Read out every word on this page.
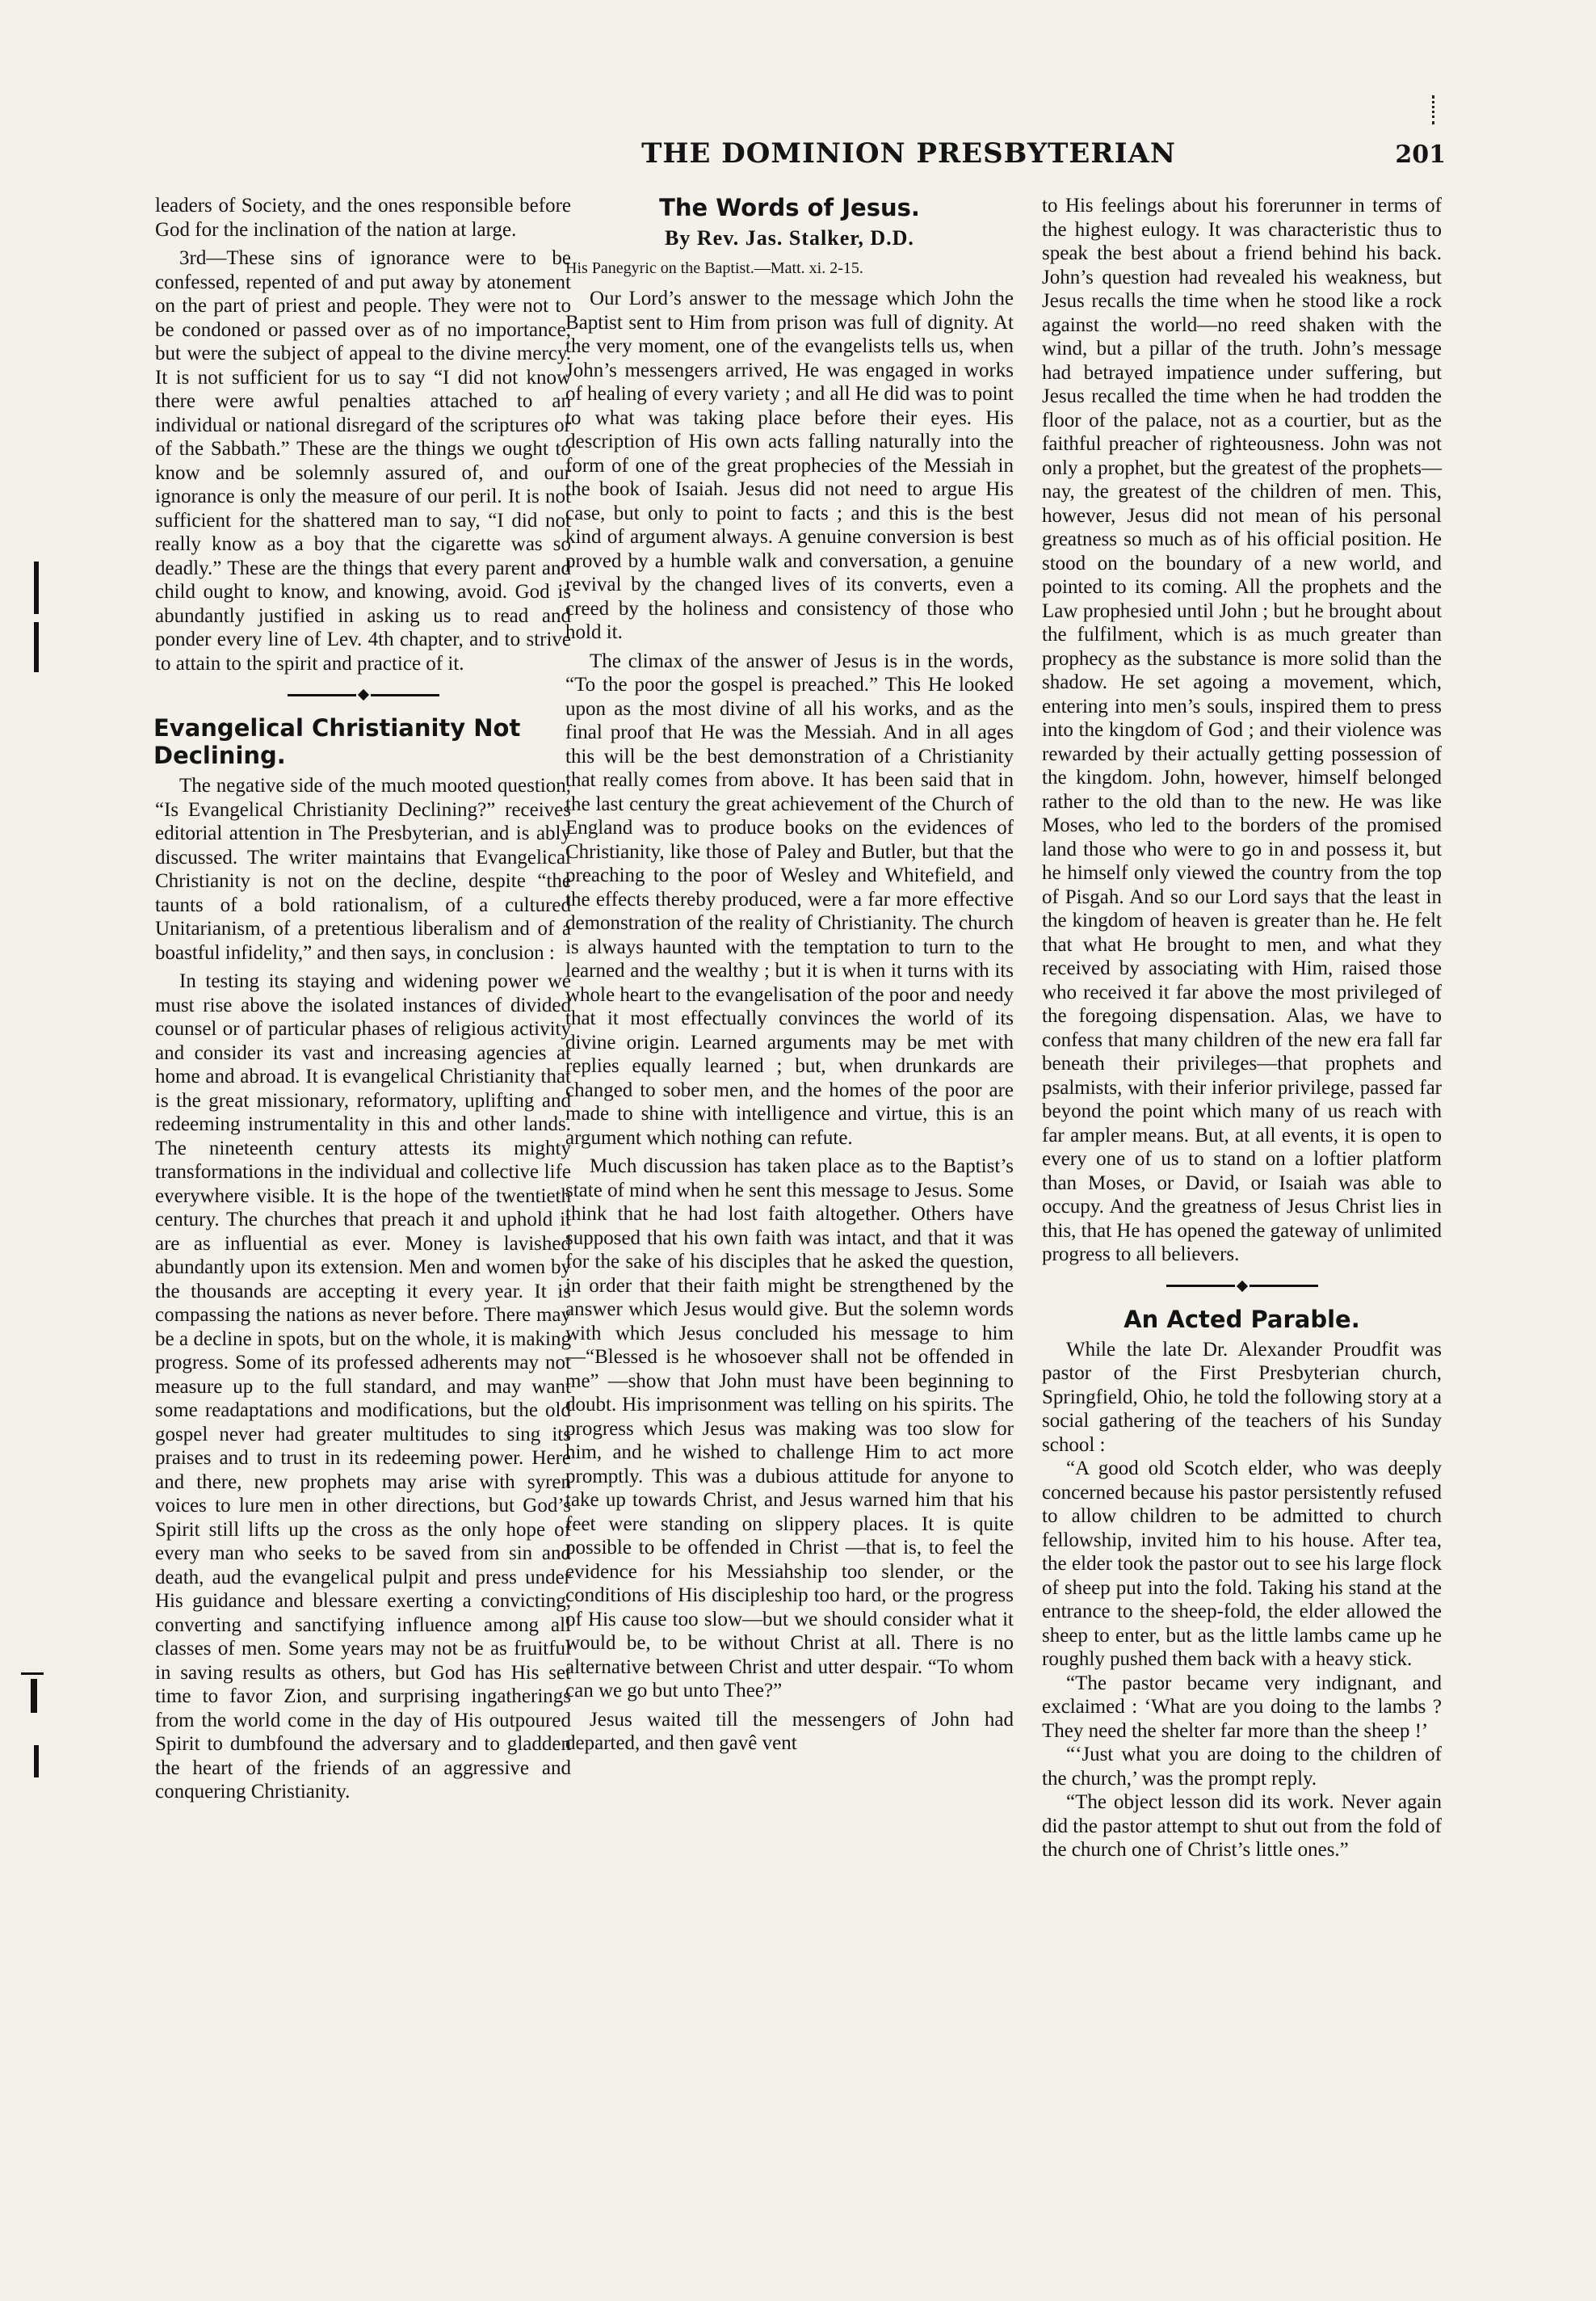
THE DOMINION PRESBYTERIAN	201

leaders of Society, and the ones responsible before God for the inclination of the nation at large.

3rd—These sins of ignorance were to be confessed, repented of and put away by atonement on the part of priest and people. They were not to be condoned or passed over as of no importance, but were the subject of appeal to the divine mercy. It is not sufficient for us to say “I did not know there were awful penalties attached to an individual or national disregard of the scriptures or of the Sabbath.” These are the things we ought to know and be solemnly assured of, and our ignorance is only the measure of our peril. It is not sufficient for the shattered man to say, “I did not really know as a boy that the cigarette was so deadly.” These are the things that every parent and child ought to know, and knowing, avoid. God is abundantly justified in asking us to read and ponder every line of Lev. 4th chapter, and to strive to attain to the spirit and practice of it.

Evangelical Christianity Not Declining.

The negative side of the much mooted question, “Is Evangelical Christianity Declining?” receives editorial attention in The Presbyterian, and is ably discussed. The writer maintains that Evangelical Christianity is not on the decline, despite “the taunts of a bold rationalism, of a cultured Unitarianism, of a pretentious liberalism and of a boastful infidelity,” and then says, in conclusion :

In testing its staying and widening power we must rise above the isolated instances of divided counsel or of particular phases of religious activity and consider its vast and increasing agencies at home and abroad. It is evangelical Christianity that is the great missionary, reformatory, uplifting and redeeming instrumentality in this and other lands. The nineteenth century attests its mighty transformations in the individual and collective life everywhere visible. It is the hope of the twentieth century. The churches that preach it and uphold it are as influential as ever. Money is lavished abundantly upon its extension. Men and women by the thousands are accepting it every year. It is compassing the nations as never before. There may be a decline in spots, but on the whole, it is making progress. Some of its professed adherents may not measure up to the full standard, and may want some readaptations and modifications, but the old gospel never had greater multitudes to sing its praises and to trust in its redeeming power. Here and there, new prophets may arise with syren voices to lure men in other directions, but God’s Spirit still lifts up the cross as the only hope of every man who seeks to be saved from sin and death, aud the evangelical pulpit and press under His guidance and blessare exerting a convicting, converting and sanctifying influence among all classes of men. Some years may not be as fruitful in saving results as others, but God has His set time to favor Zion, and surprising ingatherings from the world come in the day of His outpoured Spirit to dumbfound the adversary and to gladden the heart of the friends of an aggressive and conquering Christianity.

The Words of Jesus.
By Rev. Jas. Stalker, D.D.

His Panegyric on the Baptist.—Matt. xi. 2-15.

Our Lord’s answer to the message which John the Baptist sent to Him from prison was full of dignity. At the very moment, one of the evangelists tells us, when John’s messengers arrived, He was engaged in works of healing of every variety ; and all He did was to point to what was taking place before their eyes. His description of His own acts falling naturally into the form of one of the great prophecies of the Messiah in the book of Isaiah. Jesus did not need to argue His case, but only to point to facts ; and this is the best kind of argument always. A genuine conversion is best proved by a humble walk and conversation, a genuine revival by the changed lives of its converts, even a creed by the holiness and consistency of those who hold it.

The climax of the answer of Jesus is in the words, “To the poor the gospel is preached.” This He looked upon as the most divine of all his works, and as the final proof that He was the Messiah. And in all ages this will be the best demonstration of a Christianity that really comes from above. It has been said that in the last century the great achievement of the Church of England was to produce books on the evidences of Christianity, like those of Paley and Butler, but that the preaching to the poor of Wesley and Whitefield, and the effects thereby produced, were a far more effective demonstration of the reality of Christianity. The church is always haunted with the temptation to turn to the learned and the wealthy ; but it is when it turns with its whole heart to the evangelisation of the poor and needy that it most effectually convinces the world of its divine origin. Learned arguments may be met with replies equally learned ; but, when drunkards are changed to sober men, and the homes of the poor are made to shine with intelligence and virtue, this is an argument which nothing can refute.

Much discussion has taken place as to the Baptist’s state of mind when he sent this message to Jesus. Some think that he had lost faith altogether. Others have supposed that his own faith was intact, and that it was for the sake of his disciples that he asked the question, in order that their faith might be strengthened by the answer which Jesus would give. But the solemn words with which Jesus concluded his message to him—“Blessed is he whosoever shall not be offended in me” —show that John must have been beginning to doubt. His imprisonment was telling on his spirits. The progress which Jesus was making was too slow for him, and he wished to challenge Him to act more promptly. This was a dubious attitude for anyone to take up towards Christ, and Jesus warned him that his feet were standing on slippery places. It is quite possible to be offended in Christ —that is, to feel the evidence for his Messiahship too slender, or the conditions of His discipleship too hard, or the progress of His cause too slow—but we should consider what it would be, to be without Christ at all. There is no alternative between Christ and utter despair. “To whom can we go but unto Thee?”

Jesus waited till the messengers of John had departed, and then gavê vent

to His feelings about his forerunner in terms of the highest eulogy. It was characteristic thus to speak the best about a friend behind his back. John’s question had revealed his weakness, but Jesus recalls the time when he stood like a rock against the world—no reed shaken with the wind, but a pillar of the truth. John’s message had betrayed impatience under suffering, but Jesus recalled the time when he had trodden the floor of the palace, not as a courtier, but as the faithful preacher of righteousness. John was not only a prophet, but the greatest of the prophets—nay, the greatest of the children of men. This, however, Jesus did not mean of his personal greatness so much as of his official position. He stood on the boundary of a new world, and pointed to its coming. All the prophets and the Law prophesied until John ; but he brought about the fulfilment, which is as much greater than prophecy as the substance is more solid than the shadow. He set agoing a movement, which, entering into men’s souls, inspired them to press into the kingdom of God ; and their violence was rewarded by their actually getting possession of the kingdom. John, however, himself belonged rather to the old than to the new. He was like Moses, who led to the borders of the promised land those who were to go in and possess it, but he himself only viewed the country from the top of Pisgah. And so our Lord says that the least in the kingdom of heaven is greater than he. He felt that what He brought to men, and what they received by associating with Him, raised those who received it far above the most privileged of the foregoing dispensation. Alas, we have to confess that many children of the new era fall far beneath their privileges—that prophets and psalmists, with their inferior privilege, passed far beyond the point which many of us reach with far ampler means. But, at all events, it is open to every one of us to stand on a loftier platform than Moses, or David, or Isaiah was able to occupy. And the greatness of Jesus Christ lies in this, that He has opened the gateway of unlimited progress to all believers.

An Acted Parable.

While the late Dr. Alexander Proudfit was pastor of the First Presbyterian church, Springfield, Ohio, he told the following story at a social gathering of the teachers of his Sunday school :

“A good old Scotch elder, who was deeply concerned because his pastor persistently refused to allow children to be admitted to church fellowship, invited him to his house. After tea, the elder took the pastor out to see his large flock of sheep put into the fold. Taking his stand at the entrance to the sheep-fold, the elder allowed the sheep to enter, but as the little lambs came up he roughly pushed them back with a heavy stick.

“The pastor became very indignant, and exclaimed : ‘What are you doing to the lambs ? They need the shelter far more than the sheep !’

“‘Just what you are doing to the children of the church,’ was the prompt reply.

“The object lesson did its work. Never again did the pastor attempt to shut out from the fold of the church one of Christ’s little ones.”
